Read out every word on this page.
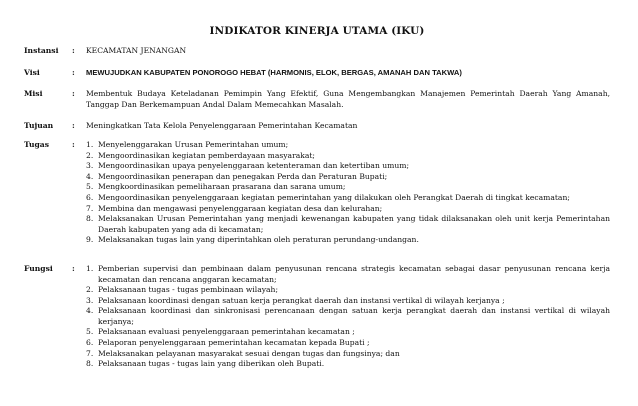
INDIKATOR KINERJA UTAMA (IKU)
Instansi	:	KECAMATAN JENANGAN
Visi	:	MEWUJUDKAN KABUPATEN PONOROGO HEBAT (HARMONIS, ELOK, BERGAS, AMANAH DAN TAKWA)
Misi	:	Membentuk Budaya Keteladanan Pemimpin Yang Efektif, Guna Mengembangkan Manajemen Pemerintah Daerah Yang Amanah, Tanggap Dan Berkemampuan Andal Dalam Memecahkan Masalah.
Tujuan	:	Meningkatkan Tata Kelola Penyelenggaraan Pemerintahan Kecamatan
Tugas	:	1. Menyelenggarakan Urusan Pemerintahan umum;
2. Mengoordinasikan kegiatan pemberdayaan masyarakat;
3. Mengoordinasikan upaya penyelenggaraan ketenteraman dan ketertiban umum;
4. Mengoordinasikan penerapan dan penegakan Perda dan Peraturan Bupati;
5. Mengkoordinasikan pemeliharaan prasarana dan sarana umum;
6. Mengoordinasikan penyelenggaraan kegiatan pemerintahan yang dilakukan oleh Perangkat Daerah di tingkat kecamatan;
7. Membina dan mengawasi penyelenggaraan kegiatan desa dan kelurahan;
8. Melaksanakan Urusan Pemerintahan yang menjadi kewenangan kabupaten yang tidak dilaksanakan oleh unit kerja Pemerintahan Daerah kabupaten yang ada di kecamatan;
9. Melaksanakan tugas lain yang diperintahkan oleh peraturan perundang-undangan.
Fungsi	:	1. Pemberian supervisi dan pembinaan dalam penyusunan rencana strategis kecamatan sebagai dasar penyusunan rencana kerja kecamatan dan rencana anggaran kecamatan;
2. Pelaksanaan tugas - tugas pembinaan wilayah;
3. Pelaksanaan koordinasi dengan satuan kerja perangkat daerah dan instansi vertikal di wilayah kerjanya ;
4. Pelaksanaan koordinasi dan sinkronisasi perencanaan dengan satuan kerja perangkat daerah dan instansi vertikal di wilayah kerjanya;
5. Pelaksanaan evaluasi penyelenggaraan pemerintahan kecamatan ;
6. Pelaporan penyelenggaraan pemerintahan kecamatan kepada Bupati ;
7. Melaksanakan pelayanan masyarakat sesuai dengan tugas dan fungsinya; dan
8. Pelaksanaan tugas - tugas lain yang diberikan oleh Bupati.
